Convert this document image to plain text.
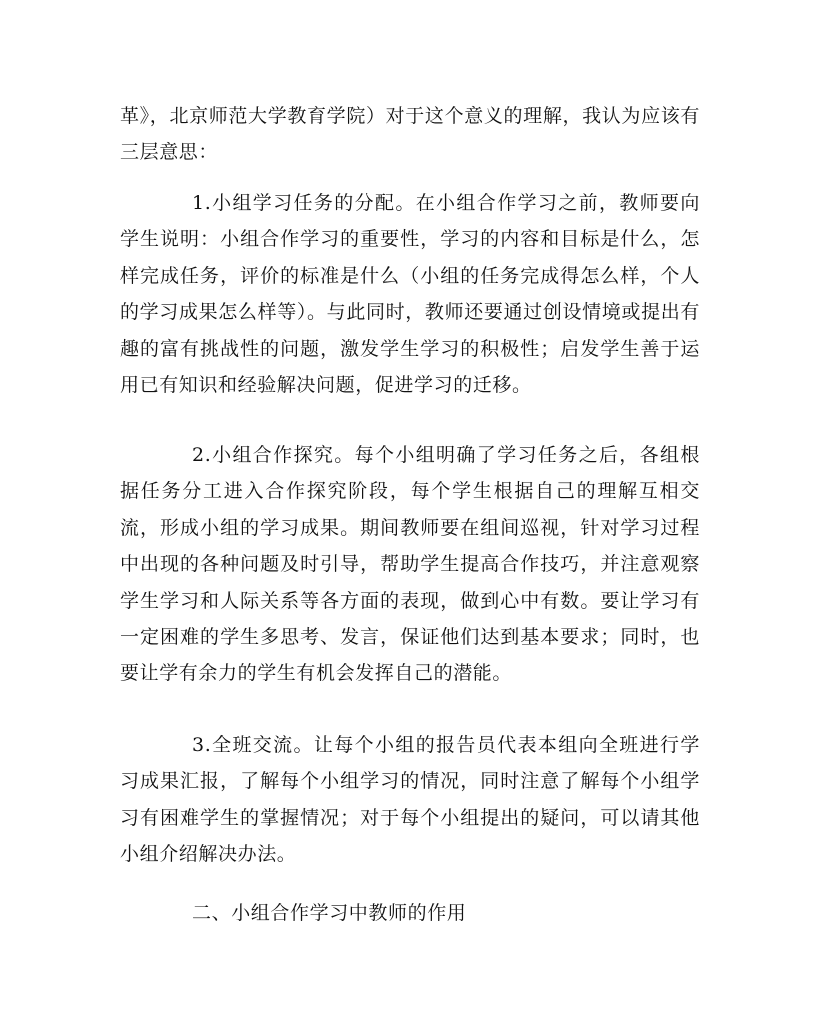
革》，北京师范大学教育学院）对于这个意义的理解，我认为应该有三层意思：

1.小组学习任务的分配。在小组合作学习之前，教师要向学生说明：小组合作学习的重要性，学习的内容和目标是什么，怎样完成任务，评价的标准是什么（小组的任务完成得怎么样，个人的学习成果怎么样等）。与此同时，教师还要通过创设情境或提出有趣的富有挑战性的问题，激发学生学习的积极性；启发学生善于运用已有知识和经验解决问题，促进学习的迁移。

2.小组合作探究。每个小组明确了学习任务之后，各组根据任务分工进入合作探究阶段，每个学生根据自己的理解互相交流，形成小组的学习成果。期间教师要在组间巡视，针对学习过程中出现的各种问题及时引导，帮助学生提高合作技巧，并注意观察学生学习和人际关系等各方面的表现，做到心中有数。要让学习有一定困难的学生多思考、发言，保证他们达到基本要求；同时，也要让学有余力的学生有机会发挥自己的潜能。

3.全班交流。让每个小组的报告员代表本组向全班进行学习成果汇报，了解每个小组学习的情况，同时注意了解每个小组学习有困难学生的掌握情况；对于每个小组提出的疑问，可以请其他小组介绍解决办法。

二、小组合作学习中教师的作用
